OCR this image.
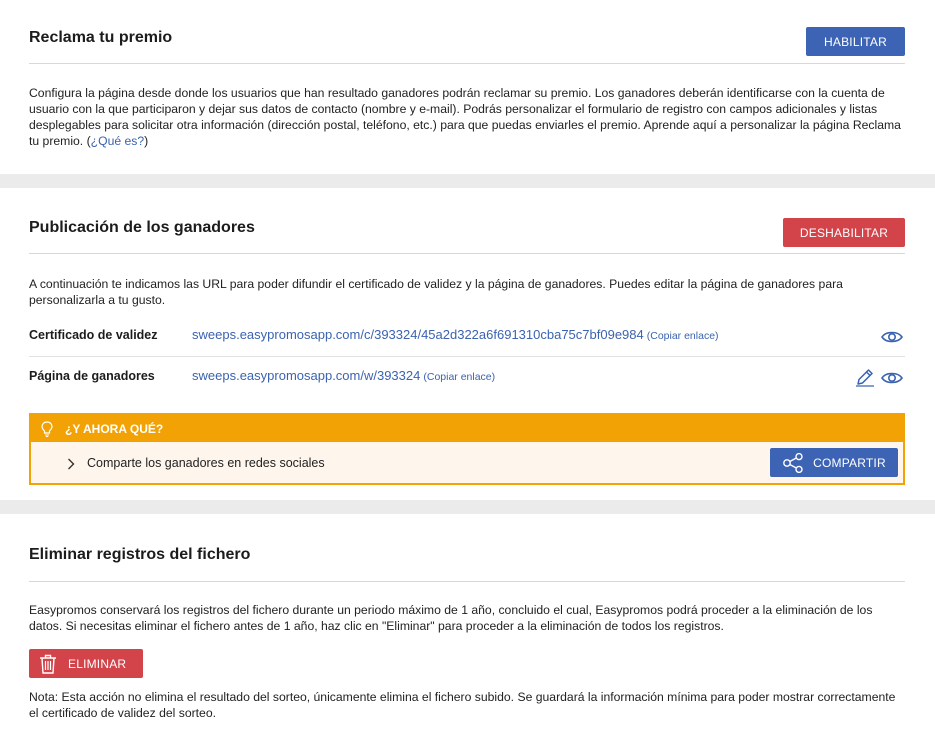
Reclama tu premio	HABILITAR

Configura la página desde donde los usuarios que han resultado ganadores podrán reclamar su premio. Los ganadores deberán identificarse con la cuenta de usuario con la que participaron y dejar sus datos de contacto (nombre y e-mail). Podrás personalizar el formulario de registro con campos adicionales y listas desplegables para solicitar otra información (dirección postal, teléfono, etc.) para que puedas enviarles el premio. Aprende aquí a personalizar la página Reclama tu premio. (¿Qué es?)

Publicación de los ganadores	DESHABILITAR

A continuación te indicamos las URL para poder difundir el certificado de validez y la página de ganadores. Puedes editar la página de ganadores para personalizarla a tu gusto.

Certificado de validez	sweeps.easypromosapp.com/c/393324/45a2d322a6f691310cba75c7bf09e984 (Copiar enlace)
Página de ganadores	sweeps.easypromosapp.com/w/393324 (Copiar enlace)
¿Y AHORA QUÉ?
Comparte los ganadores en redes sociales	COMPARTIR
Eliminar registros del fichero

Easypromos conservará los registros del fichero durante un periodo máximo de 1 año, concluido el cual, Easypromos podrá proceder a la eliminación de los datos. Si necesitas eliminar el fichero antes de 1 año, haz clic en "Eliminar" para proceder a la eliminación de todos los registros.

ELIMINAR

Nota: Esta acción no elimina el resultado del sorteo, únicamente elimina el fichero subido. Se guardará la información mínima para poder mostrar correctamente el certificado de validez del sorteo.
